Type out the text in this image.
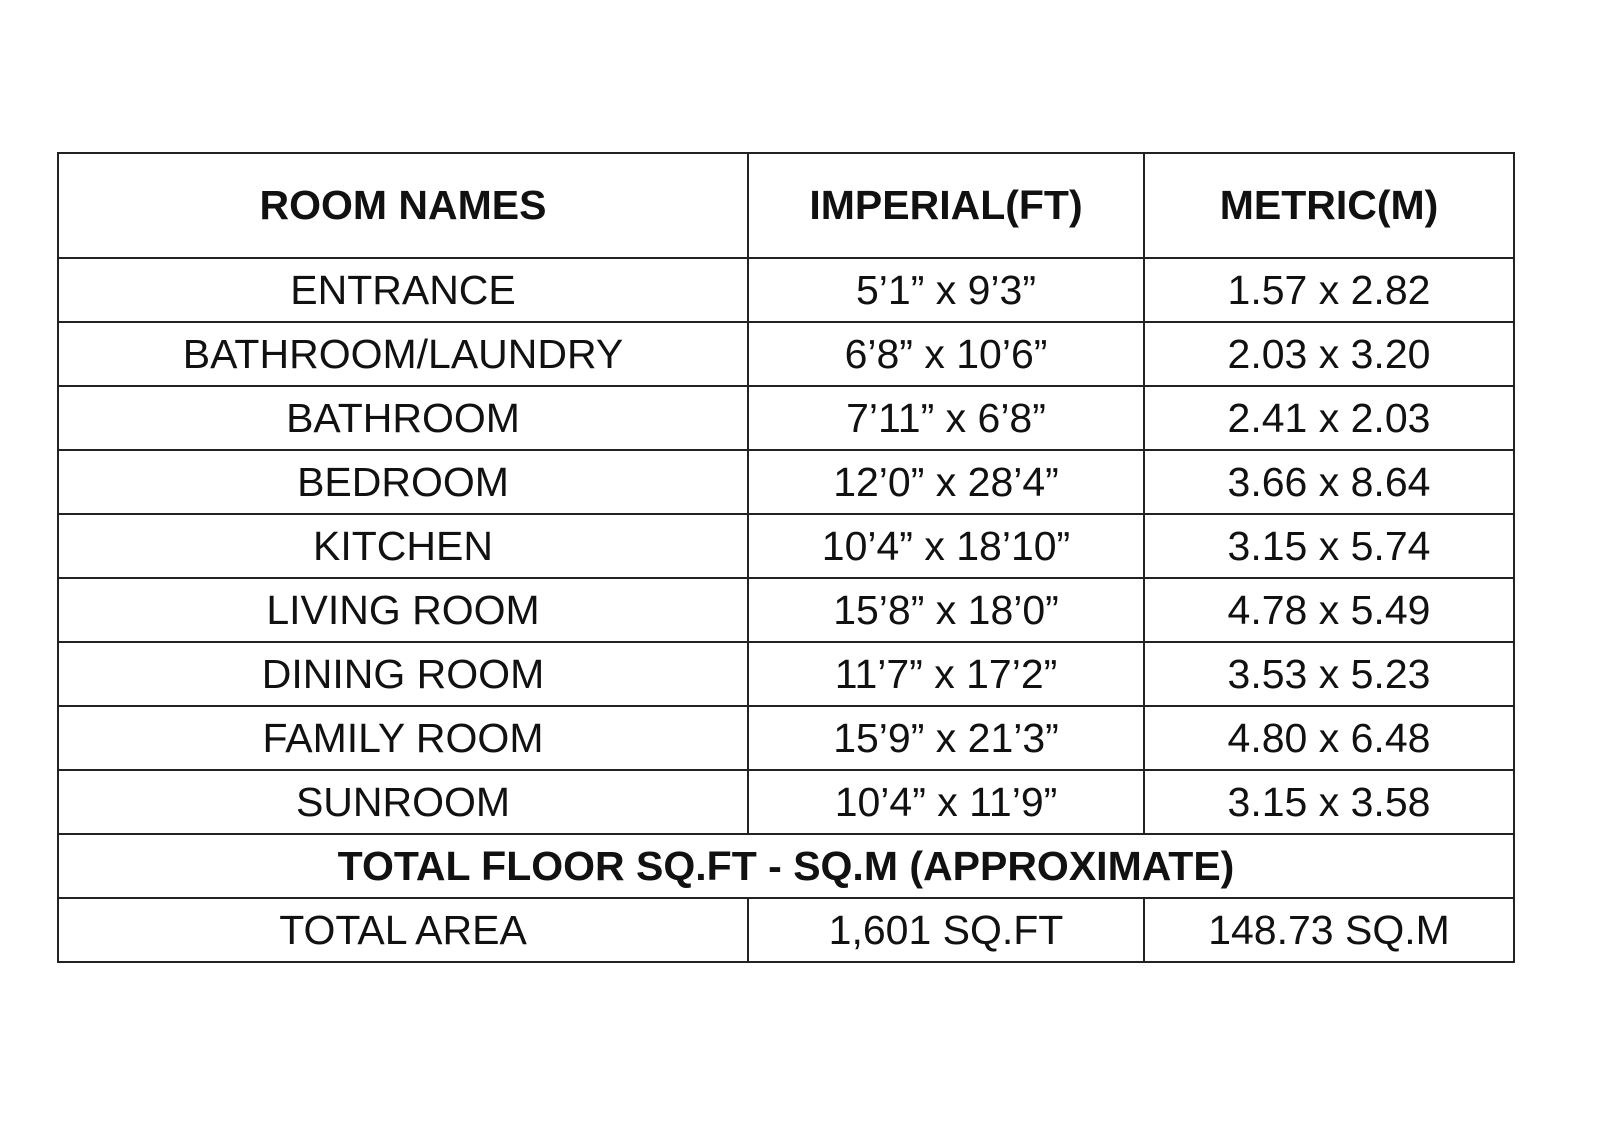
ROOM NAMES	IMPERIAL(FT)	METRIC(M)
ENTRANCE	5’1” x 9’3”	1.57 x 2.82
BATHROOM/LAUNDRY	6’8” x 10’6”	2.03 x 3.20
BATHROOM	7’11” x 6’8”	2.41 x 2.03
BEDROOM	12’0” x 28’4”	3.66 x 8.64
KITCHEN	10’4” x 18’10”	3.15 x 5.74
LIVING ROOM	15’8” x 18’0”	4.78 x 5.49
DINING ROOM	11’7” x 17’2”	3.53 x 5.23
FAMILY ROOM	15’9” x 21’3”	4.80 x 6.48
SUNROOM	10’4” x 11’9”	3.15 x 3.58
TOTAL FLOOR SQ.FT - SQ.M (APPROXIMATE)		
TOTAL AREA	1,601 SQ.FT	148.73 SQ.M
